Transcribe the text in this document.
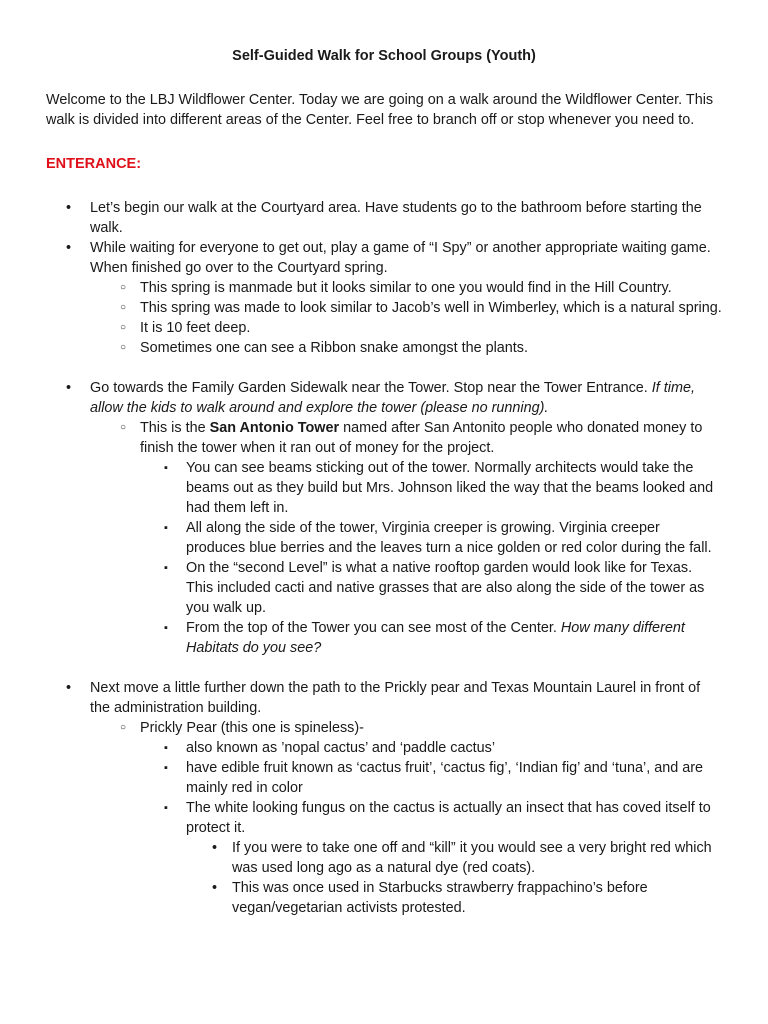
Self-Guided Walk for School Groups (Youth)

Welcome to the LBJ Wildflower Center. Today we are going on a walk around the Wildflower Center. This walk is divided into different areas of the Center. Feel free to branch off or stop whenever you need to.

ENTERANCE:
• Let’s begin our walk at the Courtyard area. Have students go to the bathroom before starting the walk.
• While waiting for everyone to get out, play a game of “I Spy” or another appropriate waiting game. When finished go over to the Courtyard spring.
○ This spring is manmade but it looks similar to one you would find in the Hill Country.
○ This spring was made to look similar to Jacob’s well in Wimberley, which is a natural spring.
○ It is 10 feet deep.
○ Sometimes one can see a Ribbon snake amongst the plants.
• Go towards the Family Garden Sidewalk near the Tower. Stop near the Tower Entrance. If time, allow the kids to walk around and explore the tower (please no running).
○ This is the San Antonio Tower named after San Antonito people who donated money to finish the tower when it ran out of money for the project.
▪ You can see beams sticking out of the tower. Normally architects would take the beams out as they build but Mrs. Johnson liked the way that the beams looked and had them left in.
▪ All along the side of the tower, Virginia creeper is growing. Virginia creeper produces blue berries and the leaves turn a nice golden or red color during the fall.
▪ On the “second Level” is what a native rooftop garden would look like for Texas. This included cacti and native grasses that are also along the side of the tower as you walk up.
▪ From the top of the Tower you can see most of the Center. How many different Habitats do you see?
• Next move a little further down the path to the Prickly pear and Texas Mountain Laurel in front of the administration building.
○ Prickly Pear (this one is spineless)-
▪ also known as ’nopal cactus’ and ‘paddle cactus’
▪ have edible fruit known as ‘cactus fruit’, ‘cactus fig’, ‘Indian fig’ and ‘tuna’, and are mainly red in color
▪ The white looking fungus on the cactus is actually an insect that has coved itself to protect it.
• If you were to take one off and “kill” it you would see a very bright red which was used long ago as a natural dye (red coats).
• This was once used in Starbucks strawberry frappachino’s before vegan/vegetarian activists protested.
